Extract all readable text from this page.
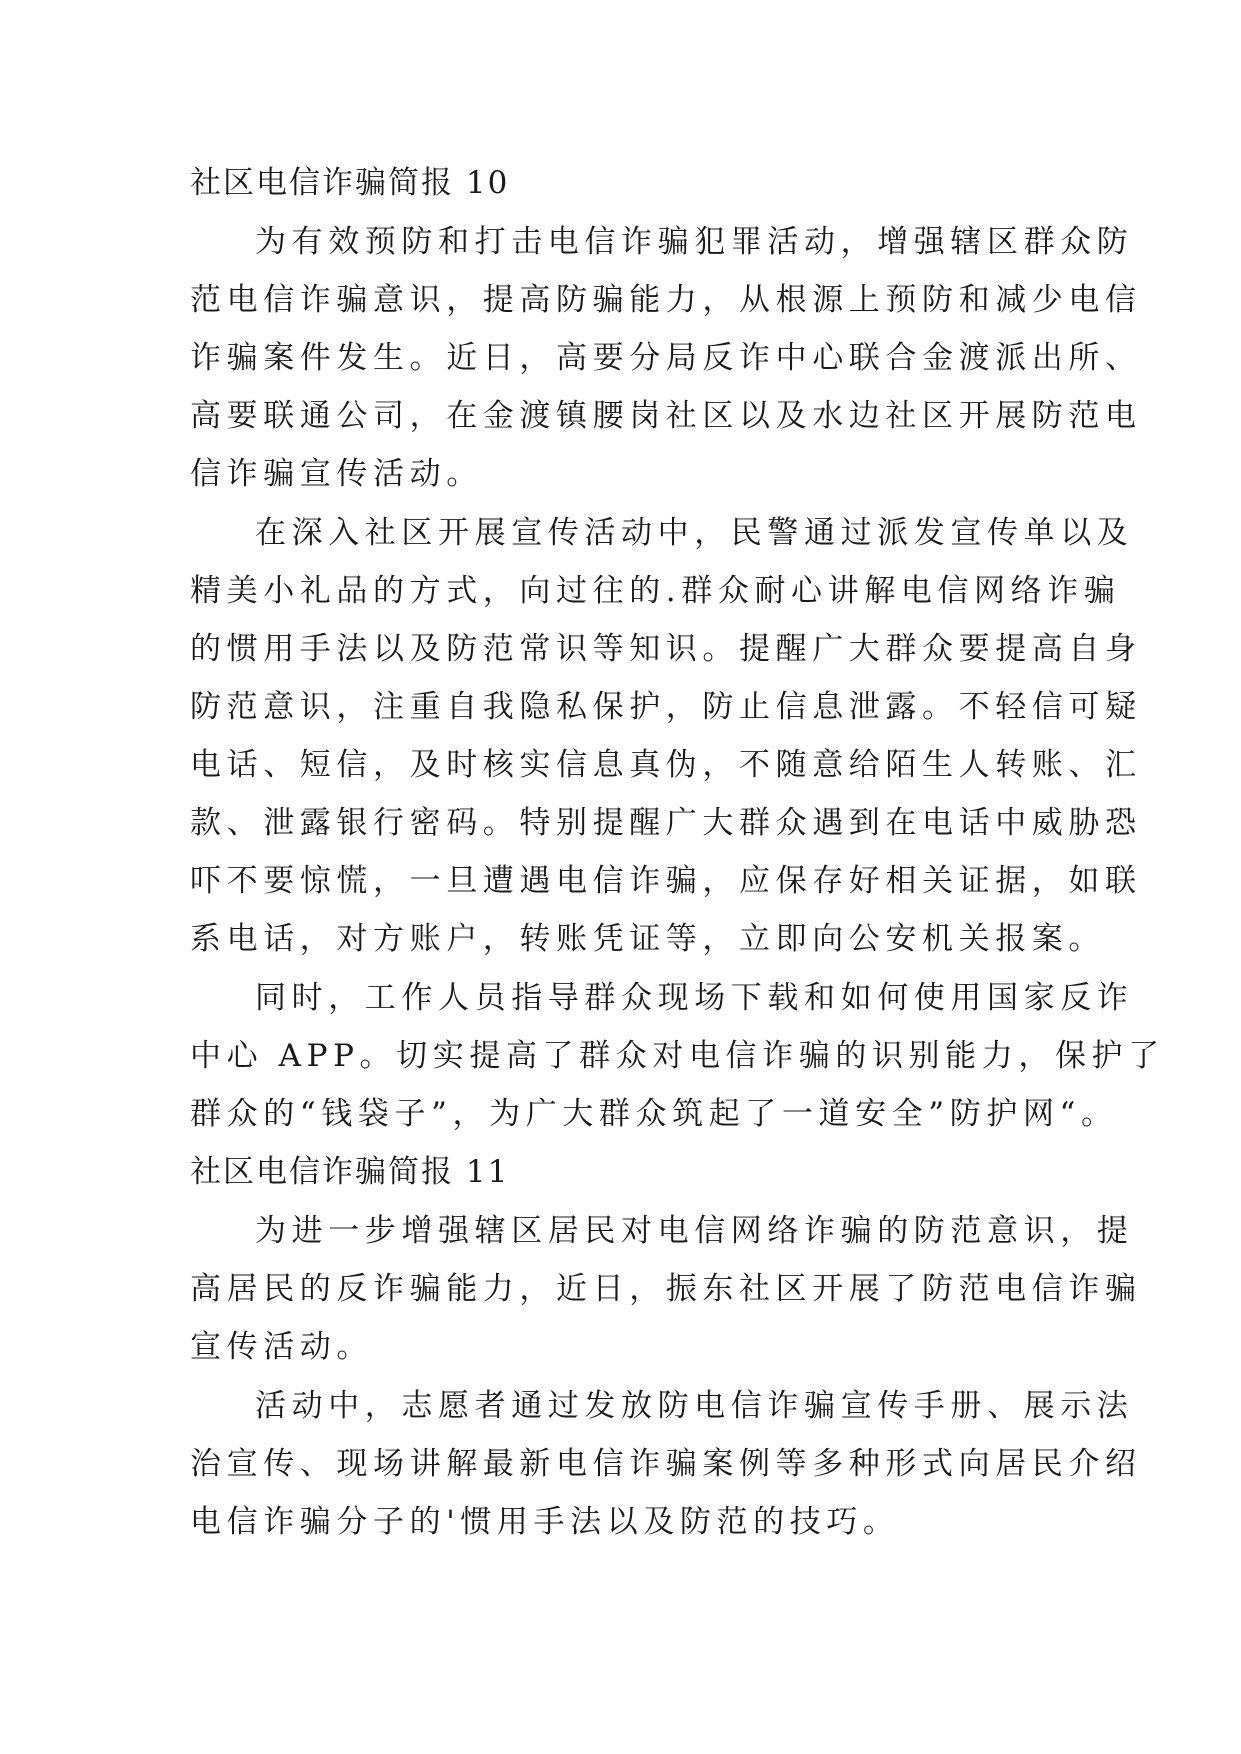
社区电信诈骗简报 10
为有效预防和打击电信诈骗犯罪活动，增强辖区群众防
范电信诈骗意识，提高防骗能力，从根源上预防和减少电信
诈骗案件发生。近日，高要分局反诈中心联合金渡派出所、
高要联通公司，在金渡镇腰岗社区以及水边社区开展防范电
信诈骗宣传活动。
在深入社区开展宣传活动中，民警通过派发宣传单以及
精美小礼品的方式，向过往的.群众耐心讲解电信网络诈骗
的惯用手法以及防范常识等知识。提醒广大群众要提高自身
防范意识，注重自我隐私保护，防止信息泄露。不轻信可疑
电话、短信，及时核实信息真伪，不随意给陌生人转账、汇
款、泄露银行密码。特别提醒广大群众遇到在电话中威胁恐
吓不要惊慌，一旦遭遇电信诈骗，应保存好相关证据，如联
系电话，对方账户，转账凭证等，立即向公安机关报案。
同时，工作人员指导群众现场下载和如何使用国家反诈
中心 APP。切实提高了群众对电信诈骗的识别能力，保护了
群众的“钱袋子”，为广大群众筑起了一道安全”防护网“。
社区电信诈骗简报 11
为进一步增强辖区居民对电信网络诈骗的防范意识，提
高居民的反诈骗能力，近日，振东社区开展了防范电信诈骗
宣传活动。
活动中，志愿者通过发放防电信诈骗宣传手册、展示法
治宣传、现场讲解最新电信诈骗案例等多种形式向居民介绍
电信诈骗分子的'惯用手法以及防范的技巧。
